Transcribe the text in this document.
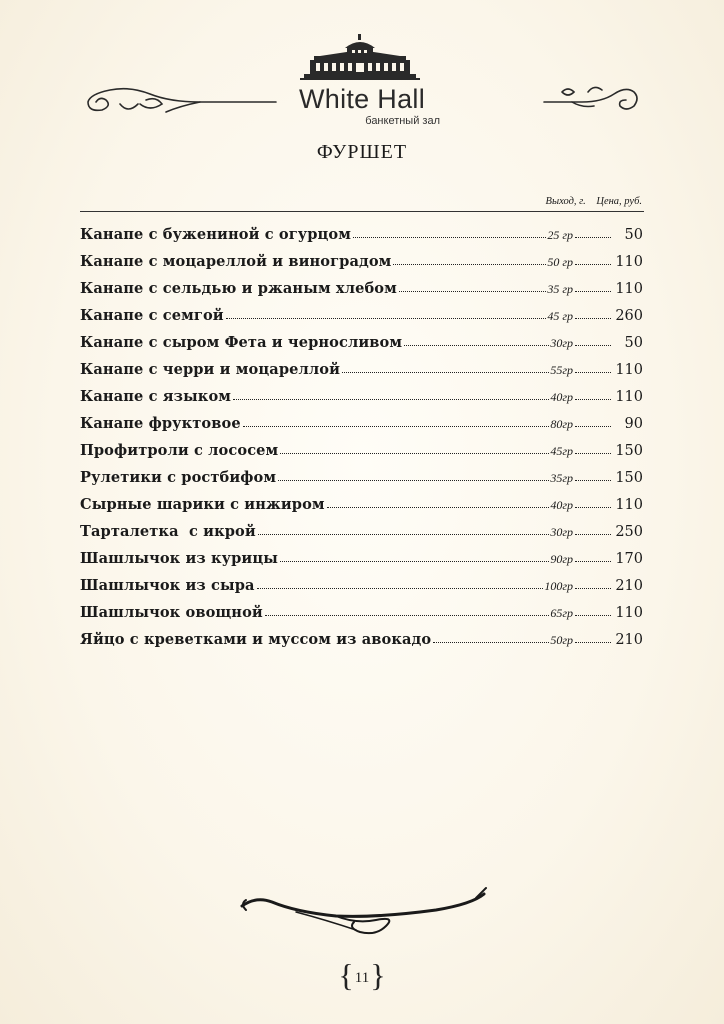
White Hall
банкетный зал
ФУРШЕТ
Выход, г. Цена, руб.
Канапе с бужениной с огурцом	25 гр	50
Канапе с моцареллой и виноградом	50 гр	110
Канапе с сельдью и ржаным хлебом	35 гр	110
Канапе с семгой	45 гр	260
Канапе с сыром Фета и черносливом	30гр	50
Канапе с черри и моцареллой	55гр	110
Канапе с языком	40гр	110
Канапе фруктовое	80гр	90
Профитроли с лососем	45гр	150
Рулетики с ростбифом	35гр	150
Сырные шарики с инжиром	40гр	110
Тарталетка  с икрой	30гр	250
Шашлычок из курицы	90гр	170
Шашлычок из сыра	100гр	210
Шашлычок овощной	65гр	110
Яйцо с креветками и муссом из авокадо	50гр	210
{ 11 }
